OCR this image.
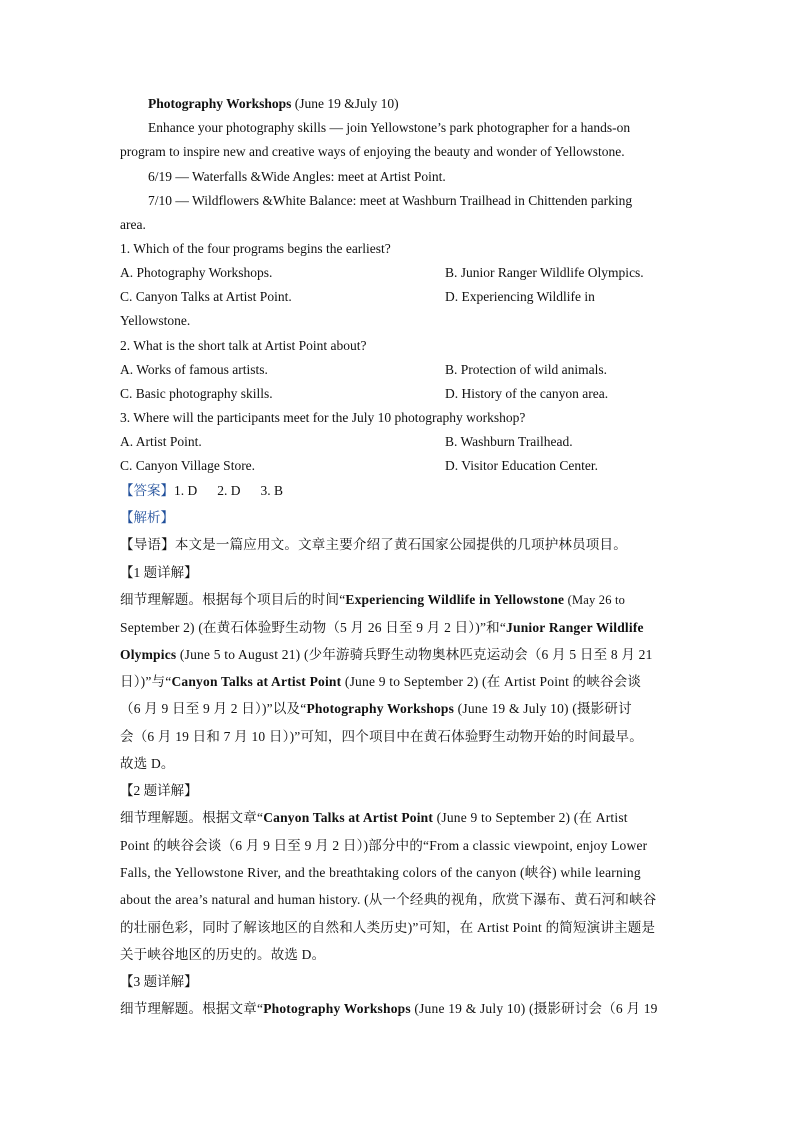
Photography Workshops (June 19 &July 10)
Enhance your photography skills — join Yellowstone’s park photographer for a hands-on
program to inspire new and creative ways of enjoying the beauty and wonder of Yellowstone.
6/19 — Waterfalls &Wide Angles: meet at Artist Point.
7/10 — Wildflowers &White Balance: meet at Washburn Trailhead in Chittenden parking
area.
1. Which of the four programs begins the earliest?
A. Photography Workshops.	B. Junior Ranger Wildlife Olympics.
C. Canyon Talks at Artist Point.	D. Experiencing Wildlife in
Yellowstone.
2. What is the short talk at Artist Point about?
A. Works of famous artists.	B. Protection of wild animals.
C. Basic photography skills.	D. History of the canyon area.
3. Where will the participants meet for the July 10 photography workshop?
A. Artist Point.	B. Washburn Trailhead.
C. Canyon Village Store.	D. Visitor Education Center.
【答案】1. D 2. D 3. B
【解析】
【导语】本文是一篇应用文。文章主要介绍了黄石国家公园提供的几项护林员项目。
【1 题详解】
细节理解题。根据每个项目后的时间“Experiencing Wildlife in Yellowstone (May 26 to
September 2) (在黄石体验野生动物（5 月 26 日至 9 月 2 日）)”和“Junior Ranger Wildlife
Olympics (June 5 to August 21) (少年游骑兵野生动物奥林匹克运动会（6 月 5 日至 8 月 21
日）)”与“Canyon Talks at Artist Point (June 9 to September 2) (在 Artist Point 的峡谷会谈
（6 月 9 日至 9 月 2 日）)”以及“Photography Workshops (June 19 & July 10) (摄影研讨
会（6 月 19 日和 7 月 10 日）)”可知，四个项目中在黄石体验野生动物开始的时间最早。
故选 D。
【2 题详解】
细节理解题。根据文章“Canyon Talks at Artist Point (June 9 to September 2) (在 Artist
Point 的峡谷会谈（6 月 9 日至 9 月 2 日）)部分中的“From a classic viewpoint, enjoy Lower
Falls, the Yellowstone River, and the breathtaking colors of the canyon (峡谷) while learning
about the area’s natural and human history. (从一个经典的视角，欣赏下瀑布、黄石河和峡谷
的壮丽色彩，同时了解该地区的自然和人类历史)”可知，在 Artist Point 的简短演讲主题是
关于峡谷地区的历史的。故选 D。
【3 题详解】
细节理解题。根据文章“Photography Workshops (June 19 & July 10) (摄影研讨会（6 月 19
